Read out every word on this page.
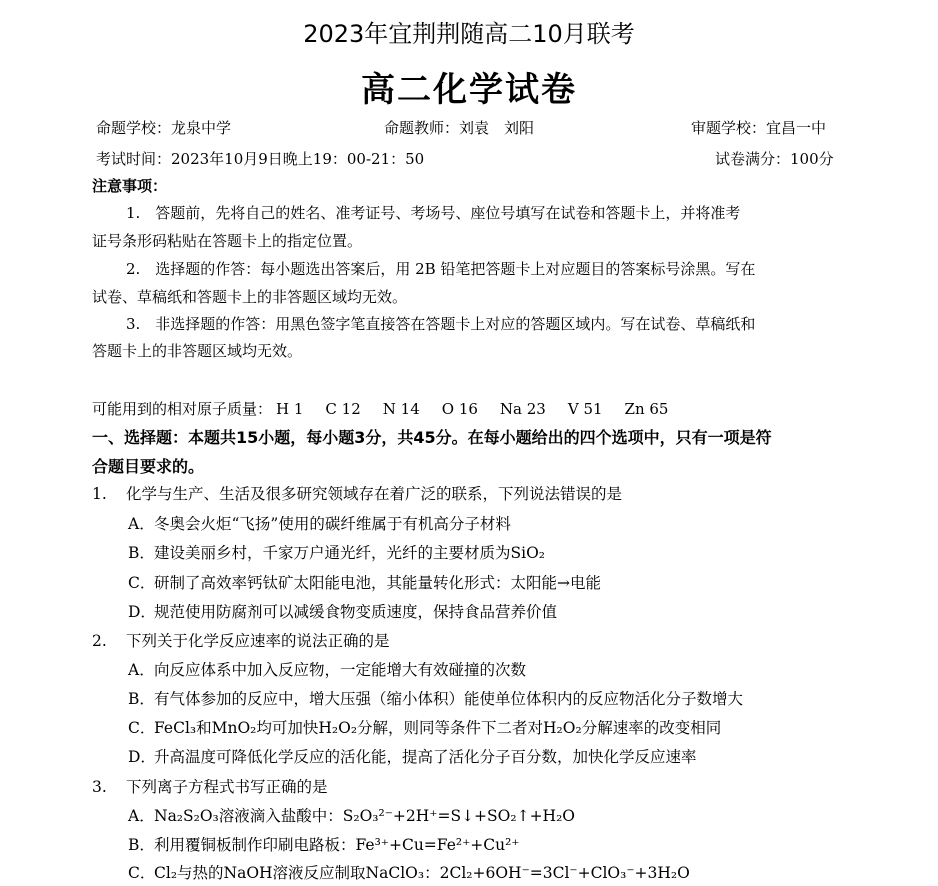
2023年宜荆荆随高二10月联考
高二化学试卷
命题学校：龙泉中学	命题教师：刘袁　刘阳	审题学校：宜昌一中
考试时间：2023年10月9日晚上19：00-21：50	试卷满分：100分
注意事项：
1.　答题前，先将自己的姓名、准考证号、考场号、座位号填写在试卷和答题卡上，并将准考
证号条形码粘贴在答题卡上的指定位置。
2.　选择题的作答：每小题选出答案后，用 2B 铅笔把答题卡上对应题目的答案标号涂黑。写在
试卷、草稿纸和答题卡上的非答题区域均无效。
3.　非选择题的作答：用黑色签字笔直接答在答题卡上对应的答题区域内。写在试卷、草稿纸和
答题卡上的非答题区域均无效。
可能用到的相对原子质量： H 1 C 12 N 14 O 16 Na 23 V 51 Zn 65
一、选择题：本题共15小题，每小题3分，共45分。在每小题给出的四个选项中，只有一项是符
合题目要求的。
1. 化学与生产、生活及很多研究领域存在着广泛的联系，下列说法错误的是
A．冬奥会火炬“飞扬”使用的碳纤维属于有机高分子材料
B．建设美丽乡村，千家万户通光纤，光纤的主要材质为SiO₂
C．研制了高效率钙钛矿太阳能电池，其能量转化形式：太阳能→电能
D．规范使用防腐剂可以减缓食物变质速度，保持食品营养价值
2. 下列关于化学反应速率的说法正确的是
A．向反应体系中加入反应物，一定能增大有效碰撞的次数
B．有气体参加的反应中，增大压强（缩小体积）能使单位体积内的反应物活化分子数增大
C．FeCl₃和MnO₂均可加快H₂O₂分解，则同等条件下二者对H₂O₂分解速率的改变相同
D．升高温度可降低化学反应的活化能，提高了活化分子百分数，加快化学反应速率
3. 下列离子方程式书写正确的是
A．Na₂S₂O₃溶液滴入盐酸中：S₂O₃²⁻+2H⁺=S↓+SO₂↑+H₂O
B．利用覆铜板制作印刷电路板：Fe³⁺+Cu=Fe²⁺+Cu²⁺
C．Cl₂与热的NaOH溶液反应制取NaClO₃：2Cl₂+6OH⁻=3Cl⁻+ClO₃⁻+3H₂O
